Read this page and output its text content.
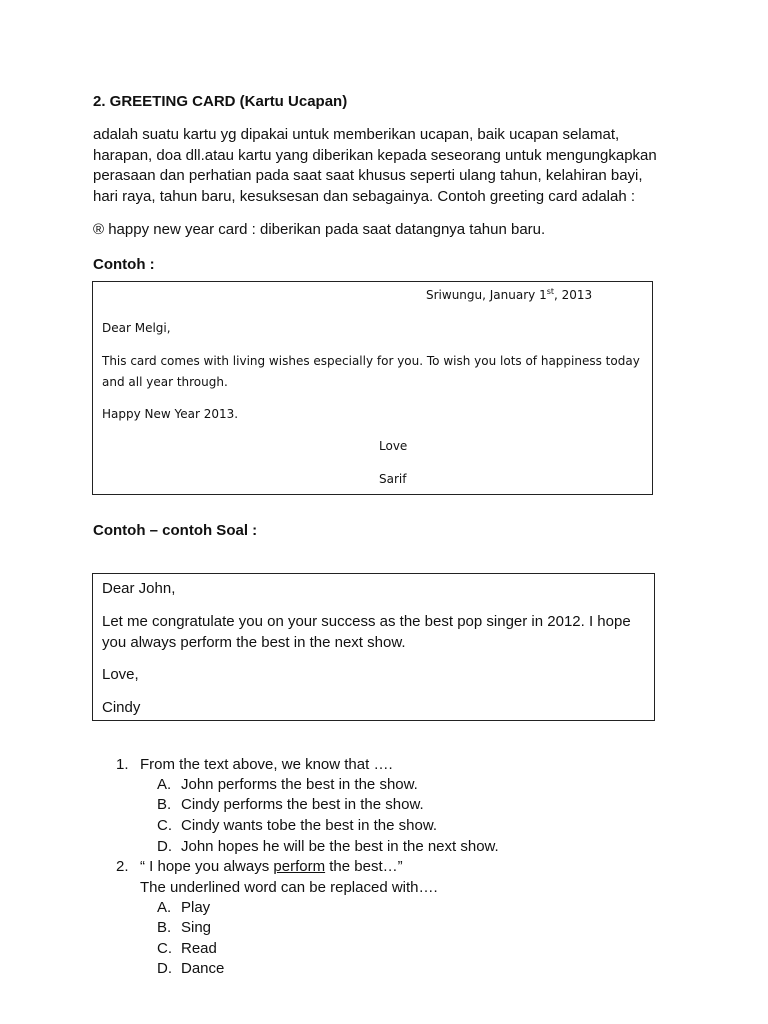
2. GREETING CARD (Kartu Ucapan)

adalah suatu kartu yg dipakai untuk memberikan ucapan, baik ucapan selamat,
harapan, doa dll.atau kartu yang diberikan kepada seseorang untuk mengungkapkan
perasaan dan perhatian pada saat saat khusus seperti ulang tahun, kelahiran bayi,
hari raya, tahun baru, kesuksesan dan sebagainya. Contoh greeting card adalah :

® happy new year card : diberikan pada saat datangnya tahun baru.

Contoh :

Sriwungu, January 1st, 2013
Dear Melgi,
This card comes with living wishes especially for you. To wish you lots of happiness today and all year through.
Happy New Year 2013.
Love
Sarif

Contoh – contoh Soal :

Dear John,
Let me congratulate you on your success as the best pop singer in 2012. I hope you always perform the best in the next show.
Love,
Cindy
1. From the text above, we know that ….
A. John performs the best in the show.
B. Cindy performs the best in the show.
C. Cindy wants tobe the best in the show.
D. John hopes he will be the best in the next show.
2. “ I hope you always perform the best…”
The underlined word can be replaced with….
A. Play
B. Sing
C. Read
D. Dance
